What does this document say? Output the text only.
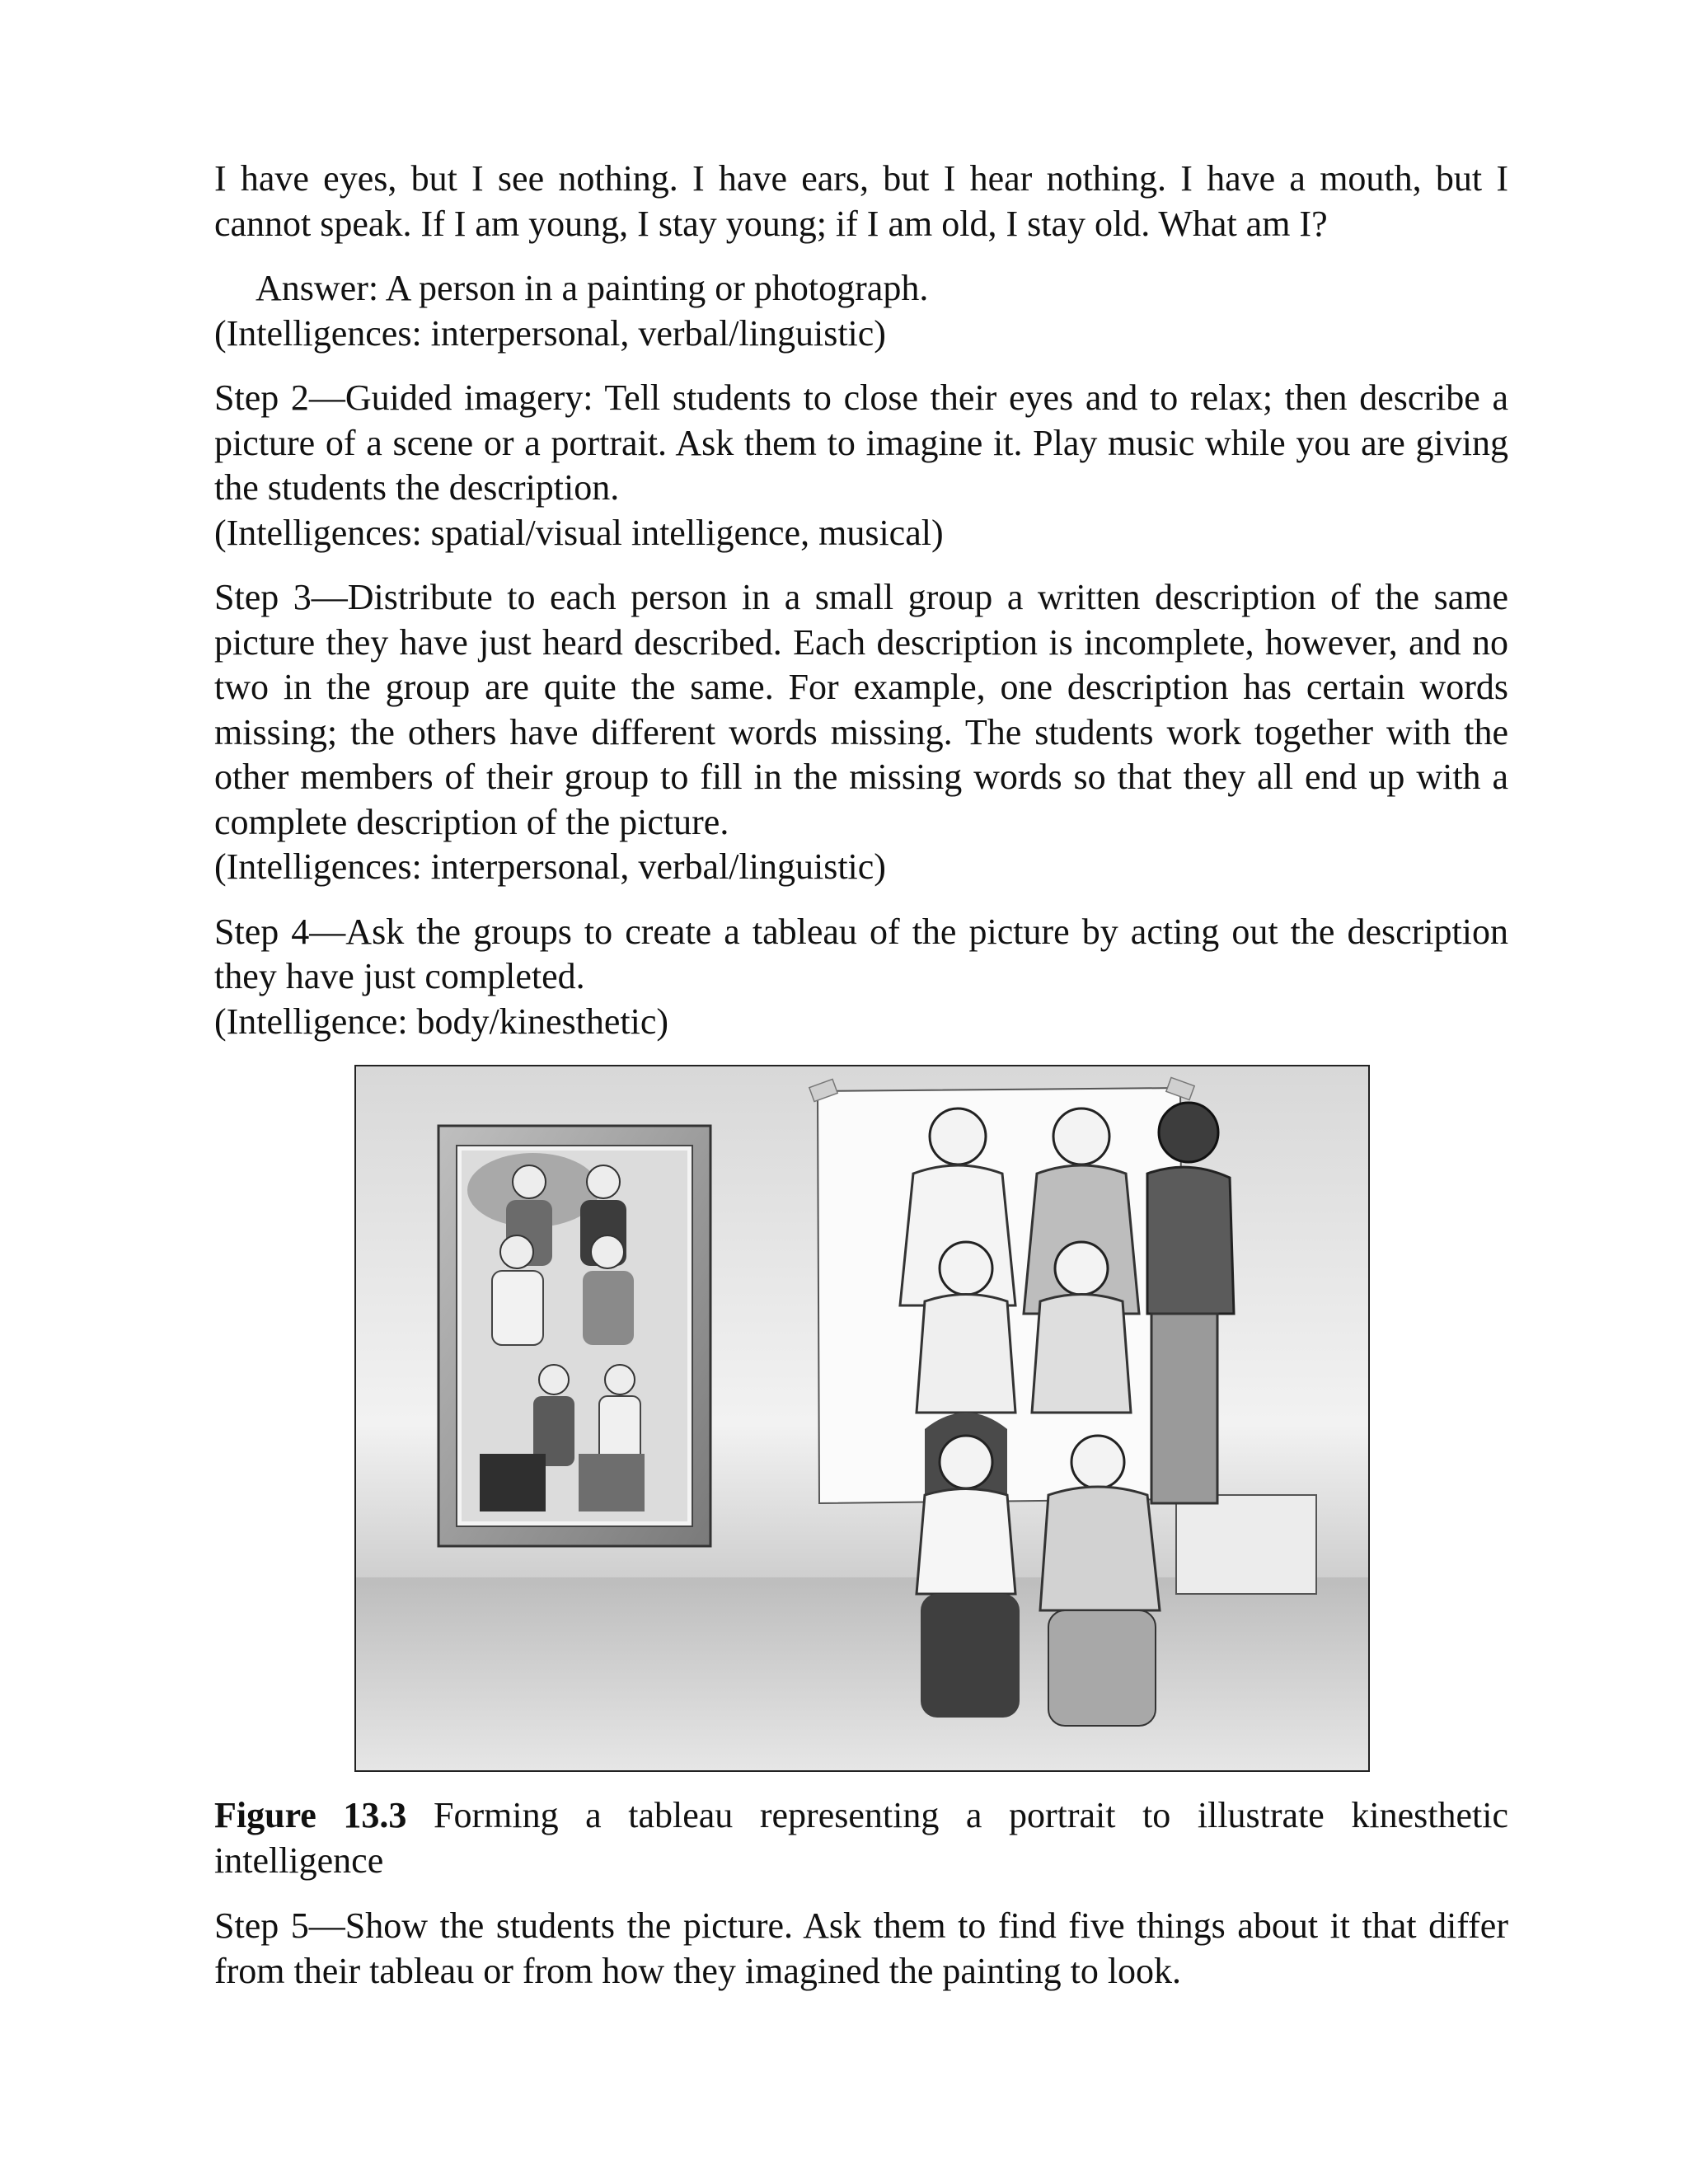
I have eyes, but I see nothing. I have ears, but I hear nothing. I have a mouth, but I cannot speak. If I am young, I stay young; if I am old, I stay old. What am I?

Answer: A person in a painting or photograph.

(Intelligences: interpersonal, verbal/linguistic)

Step 2—Guided imagery: Tell students to close their eyes and to relax; then describe a picture of a scene or a portrait. Ask them to imagine it. Play music while you are giving the students the description.

(Intelligences: spatial/visual intelligence, musical)

Step 3—Distribute to each person in a small group a written description of the same picture they have just heard described. Each description is incomplete, however, and no two in the group are quite the same. For example, one description has certain words missing; the others have different words missing. The students work together with the other members of their group to fill in the missing words so that they all end up with a complete description of the picture.

(Intelligences: interpersonal, verbal/linguistic)

Step 4—Ask the groups to create a tableau of the picture by acting out the description they have just completed.

(Intelligence: body/kinesthetic)

Figure 13.3 Forming a tableau representing a portrait to illustrate kinesthetic intelligence
Step 5—Show the students the picture. Ask them to find five things about it that differ from their tableau or from how they imagined the painting to look.
